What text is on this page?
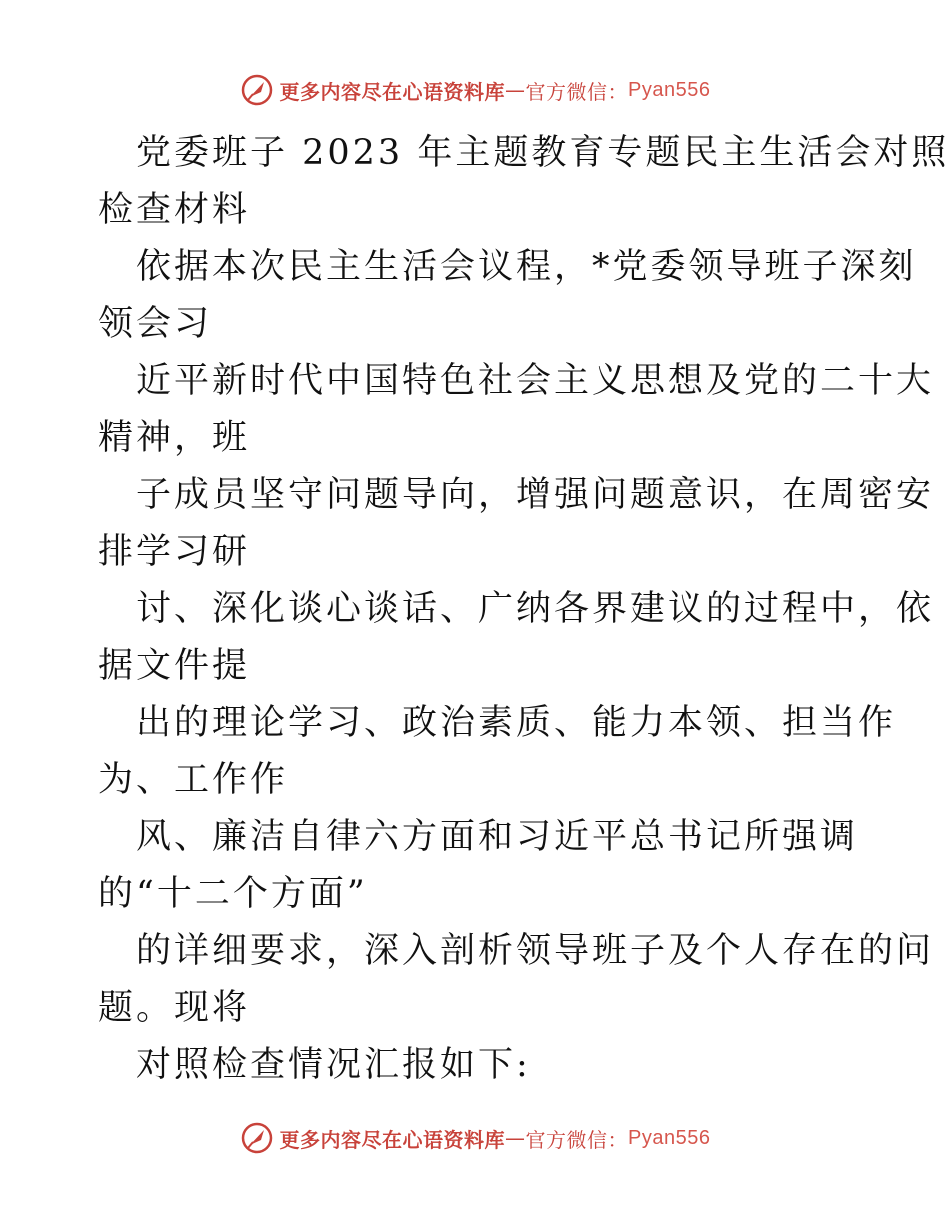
更多内容尽在心语资料库 — 官方微信： Pyan556

党委班子 2023 年主题教育专题民主生活会对照
检查材料

依据本次民主生活会议程，*党委领导班子深刻
领会习

近平新时代中国特色社会主义思想及党的二十大
精神，班

子成员坚守问题导向，增强问题意识，在周密安
排学习研

讨、深化谈心谈话、广纳各界建议的过程中，依
据文件提

出的理论学习、政治素质、能力本领、担当作
为、工作作

风、廉洁自律六方面和习近平总书记所强调
的“十二个方面”

的详细要求，深入剖析领导班子及个人存在的问
题。现将

对照检查情况汇报如下:

更多内容尽在心语资料库 — 官方微信： Pyan556
